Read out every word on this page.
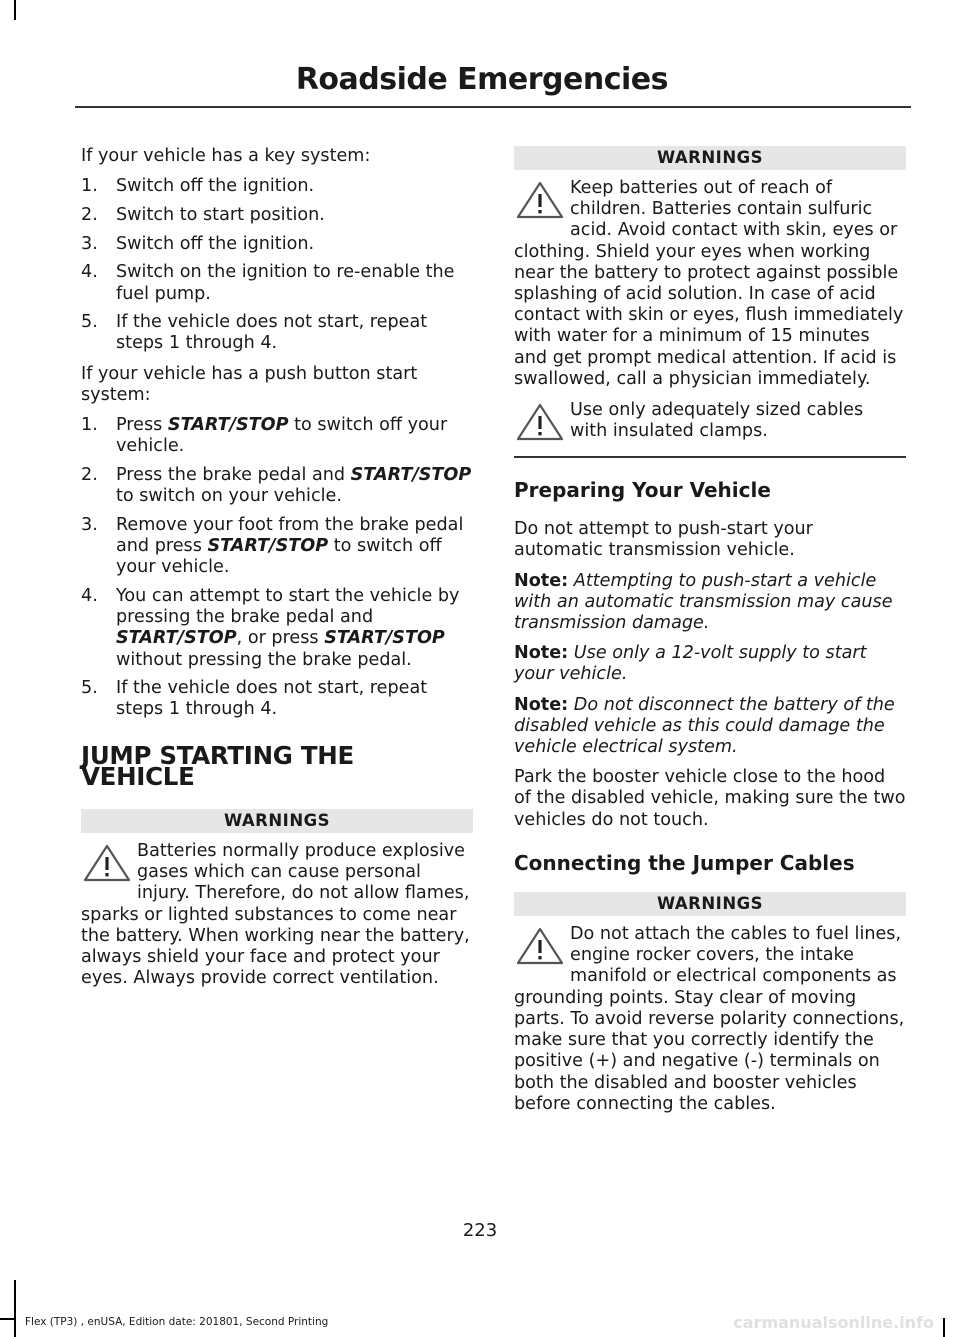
Roadside Emergencies

If your vehicle has a key system:

1. Switch off the ignition.
2. Switch to start position.
3. Switch off the ignition.
4. Switch on the ignition to re-enable the fuel pump.
5. If the vehicle does not start, repeat steps 1 through 4.

If your vehicle has a push button start system:

1. Press START/STOP to switch off your vehicle.
2. Press the brake pedal and START/STOP to switch on your vehicle.
3. Remove your foot from the brake pedal and press START/STOP to switch off your vehicle.
4. You can attempt to start the vehicle by pressing the brake pedal and START/STOP, or press START/STOP without pressing the brake pedal.
5. If the vehicle does not start, repeat steps 1 through 4.
JUMP STARTING THE VEHICLE
WARNINGS

Batteries normally produce explosive gases which can cause personal injury. Therefore, do not allow flames, sparks or lighted substances to come near the battery. When working near the battery, always shield your face and protect your eyes. Always provide correct ventilation.

WARNINGS

Keep batteries out of reach of children. Batteries contain sulfuric acid. Avoid contact with skin, eyes or clothing. Shield your eyes when working near the battery to protect against possible splashing of acid solution. In case of acid contact with skin or eyes, flush immediately with water for a minimum of 15 minutes and get prompt medical attention. If acid is swallowed, call a physician immediately.

Use only adequately sized cables with insulated clamps.

Preparing Your Vehicle

Do not attempt to push-start your automatic transmission vehicle.

Note: Attempting to push-start a vehicle with an automatic transmission may cause transmission damage.

Note: Use only a 12-volt supply to start your vehicle.

Note: Do not disconnect the battery of the disabled vehicle as this could damage the vehicle electrical system.

Park the booster vehicle close to the hood of the disabled vehicle, making sure the two vehicles do not touch.

Connecting the Jumper Cables
WARNINGS

Do not attach the cables to fuel lines, engine rocker covers, the intake manifold or electrical components as grounding points. Stay clear of moving parts. To avoid reverse polarity connections, make sure that you correctly identify the positive (+) and negative (-) terminals on both the disabled and booster vehicles before connecting the cables.

223
Flex (TP3) , enUSA, Edition date: 201801, Second Printing	carmanualsonline.info
